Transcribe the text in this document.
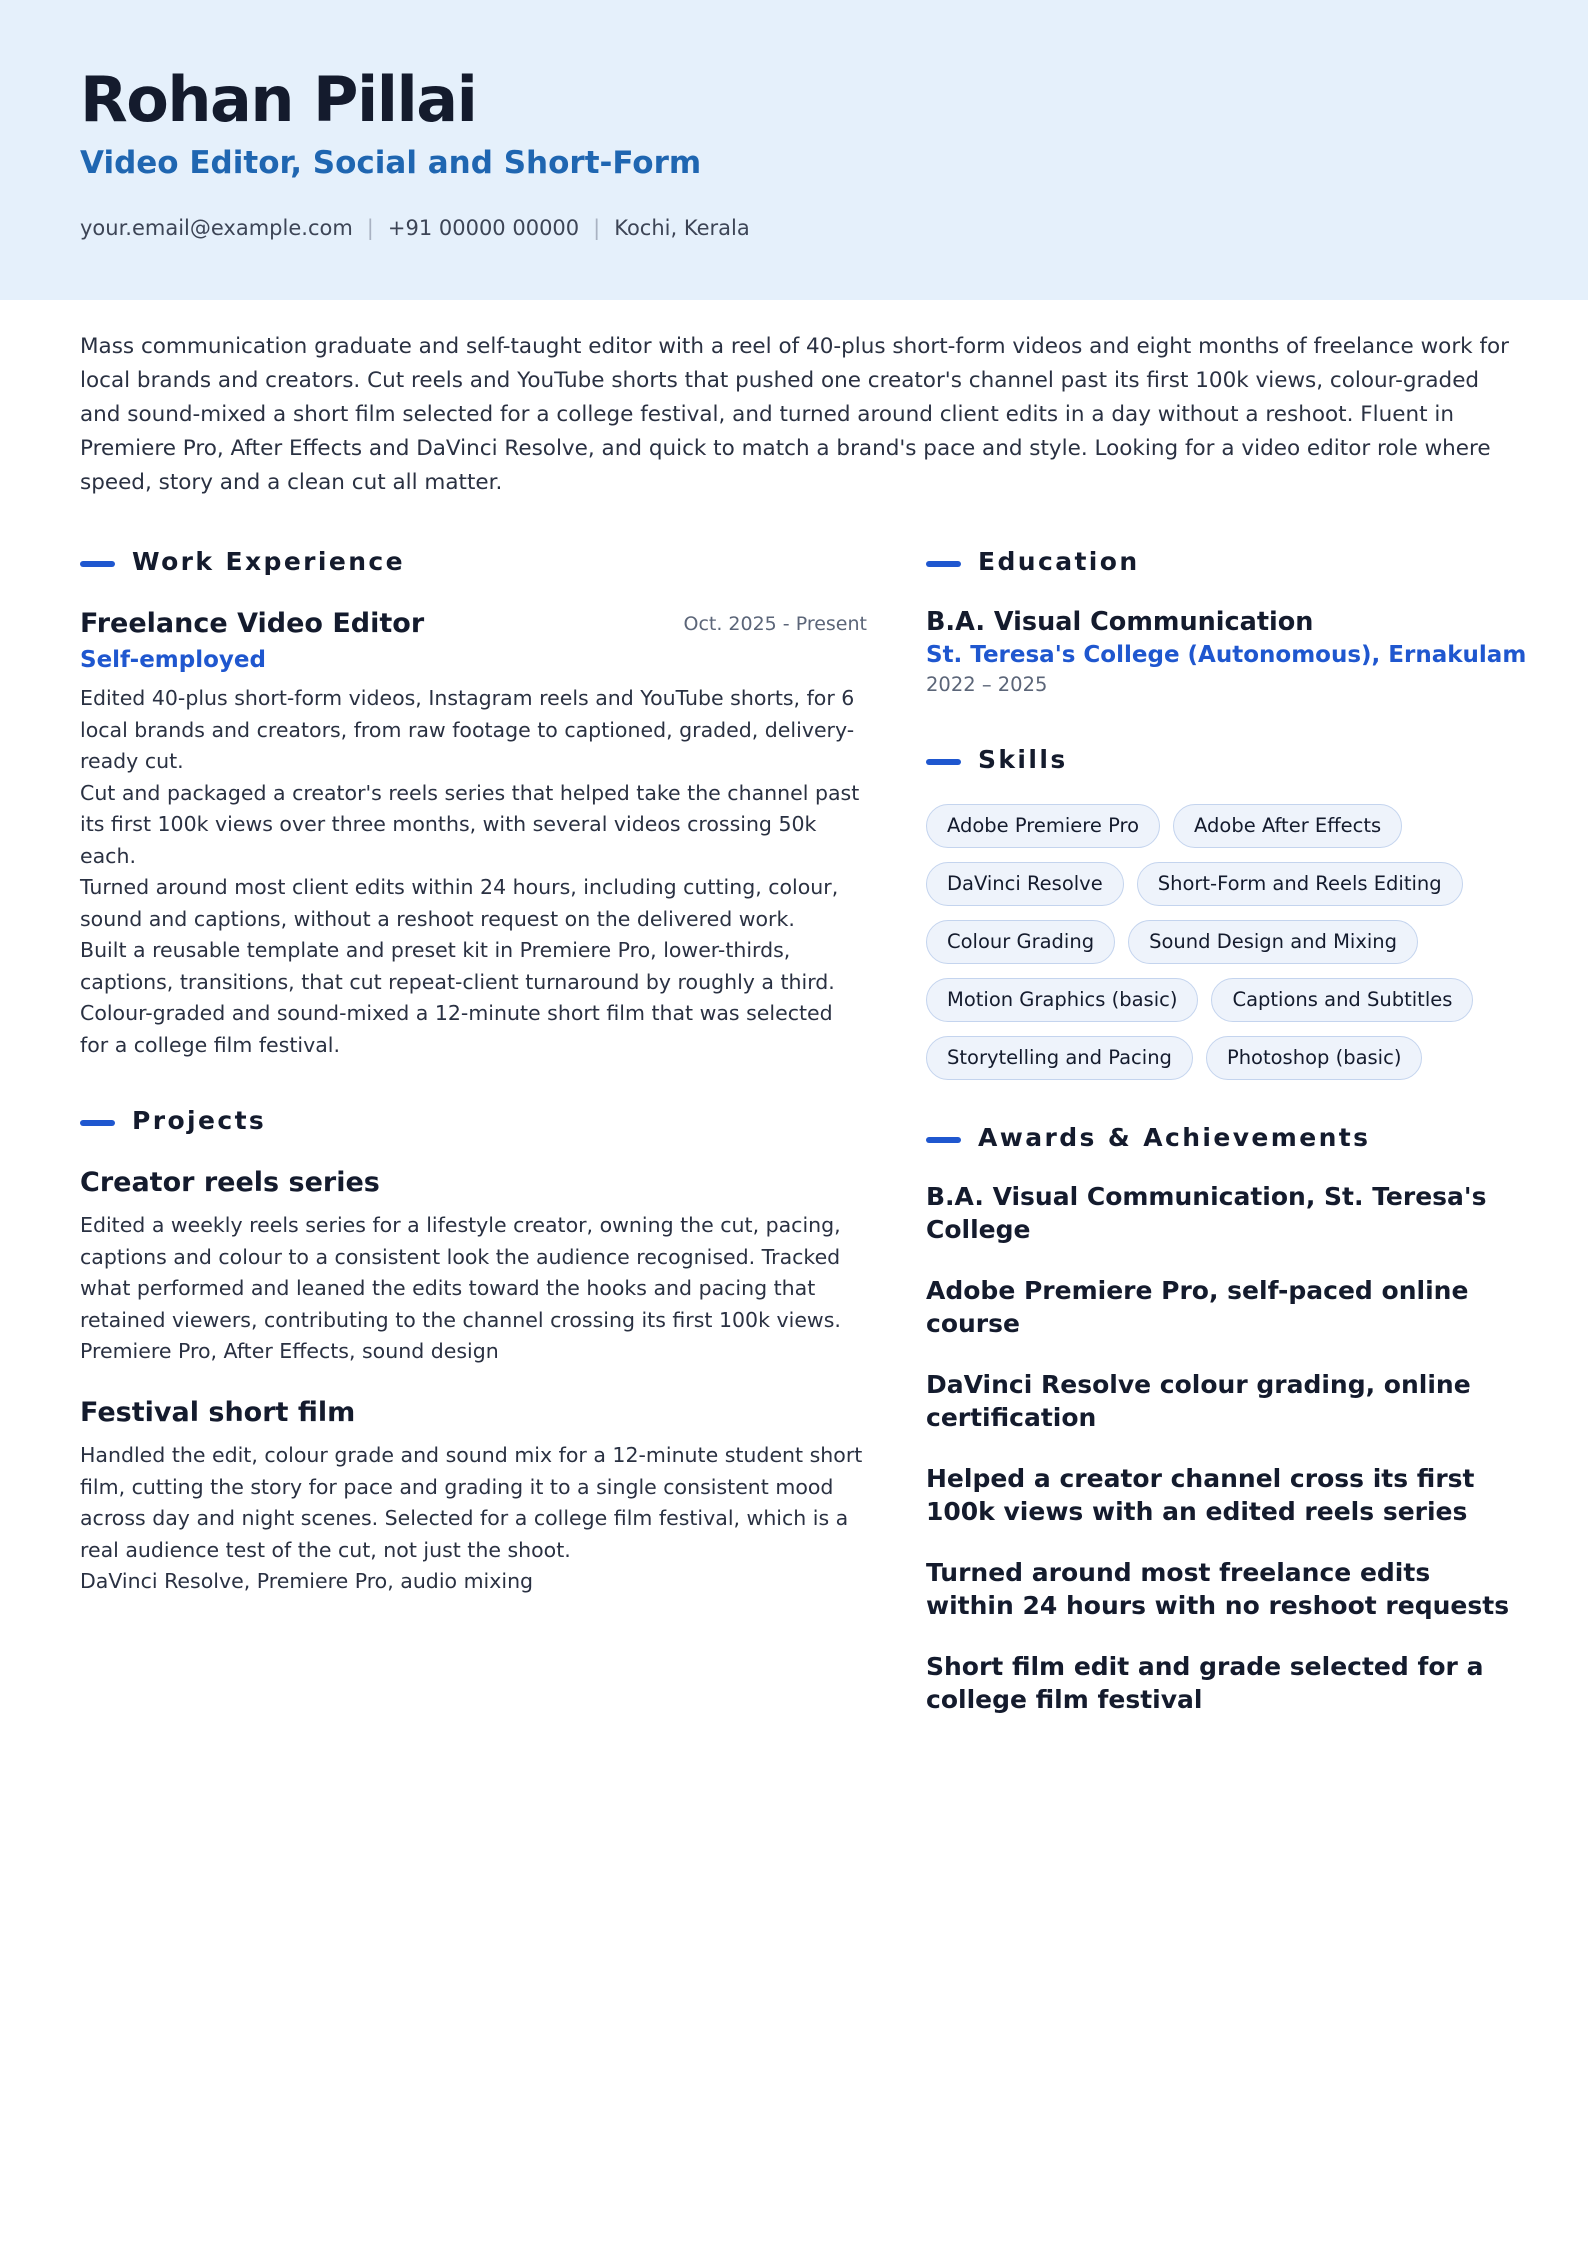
Rohan Pillai
Video Editor, Social and Short-Form
your.email@example.com | +91 00000 00000 | Kochi, Kerala
Mass communication graduate and self-taught editor with a reel of 40-plus short-form videos and eight months of freelance work for local brands and creators. Cut reels and YouTube shorts that pushed one creator's channel past its first 100k views, colour-graded and sound-mixed a short film selected for a college festival, and turned around client edits in a day without a reshoot. Fluent in Premiere Pro, After Effects and DaVinci Resolve, and quick to match a brand's pace and style. Looking for a video editor role where speed, story and a clean cut all matter.
Work Experience
Freelance Video Editor	Oct. 2025 - Present
Self-employed
Edited 40-plus short-form videos, Instagram reels and YouTube shorts, for 6 local brands and creators, from raw footage to captioned, graded, delivery-ready cut.
Cut and packaged a creator's reels series that helped take the channel past its first 100k views over three months, with several videos crossing 50k each.
Turned around most client edits within 24 hours, including cutting, colour, sound and captions, without a reshoot request on the delivered work.
Built a reusable template and preset kit in Premiere Pro, lower-thirds, captions, transitions, that cut repeat-client turnaround by roughly a third.
Colour-graded and sound-mixed a 12-minute short film that was selected for a college film festival.
Projects
Creator reels series
Edited a weekly reels series for a lifestyle creator, owning the cut, pacing, captions and colour to a consistent look the audience recognised. Tracked what performed and leaned the edits toward the hooks and pacing that retained viewers, contributing to the channel crossing its first 100k views.
Premiere Pro, After Effects, sound design
Festival short film
Handled the edit, colour grade and sound mix for a 12-minute student short film, cutting the story for pace and grading it to a single consistent mood across day and night scenes. Selected for a college film festival, which is a real audience test of the cut, not just the shoot.
DaVinci Resolve, Premiere Pro, audio mixing
Education
B.A. Visual Communication
St. Teresa's College (Autonomous), Ernakulam
2022 – 2025
Skills
Adobe Premiere Pro	Adobe After Effects
DaVinci Resolve	Short-Form and Reels Editing
Colour Grading	Sound Design and Mixing
Motion Graphics (basic)	Captions and Subtitles
Storytelling and Pacing	Photoshop (basic)
Awards & Achievements
B.A. Visual Communication, St. Teresa's College
Adobe Premiere Pro, self-paced online course
DaVinci Resolve colour grading, online certification
Helped a creator channel cross its first 100k views with an edited reels series
Turned around most freelance edits within 24 hours with no reshoot requests
Short film edit and grade selected for a college film festival
